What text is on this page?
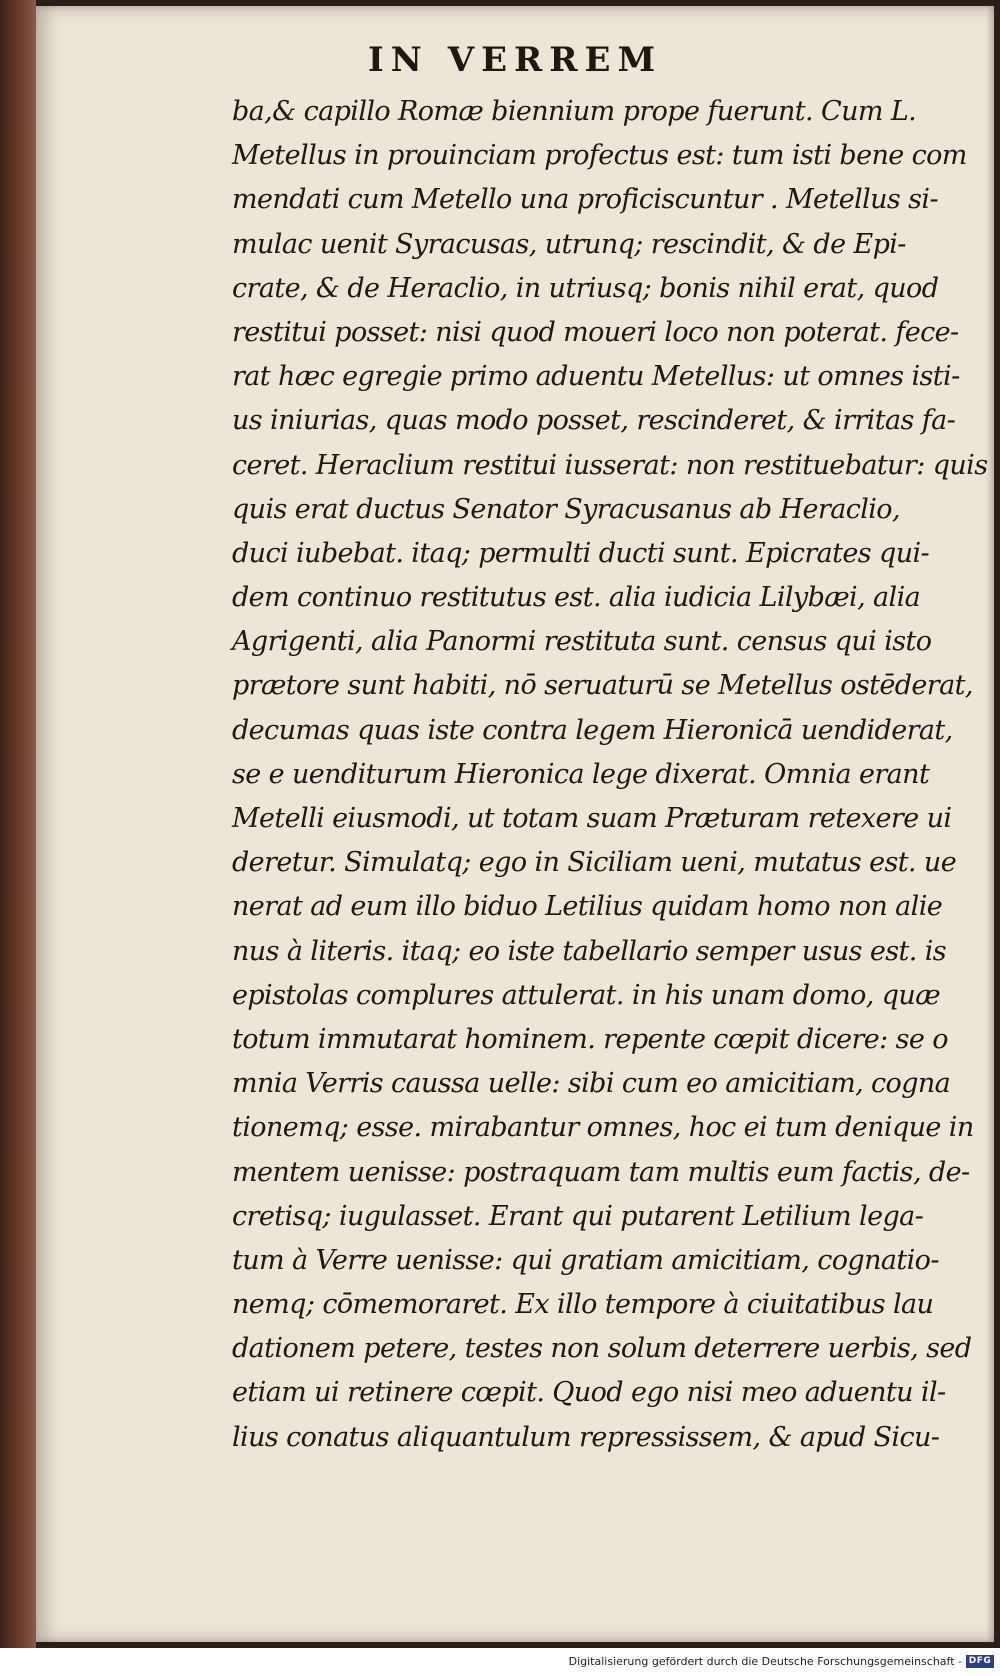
IN VERREM
ba,& capillo Romæ biennium prope fuerunt. Cum L.
Metellus in prouinciam profectus est: tum isti bene com
mendati cum Metello una proficiscuntur . Metellus si-
mulac uenit Syracusas, utrunq; rescindit, & de Epi-
crate, & de Heraclio, in utriusq; bonis nihil erat, quod
restitui posset: nisi quod moueri loco non poterat. fece-
rat hæc egregie primo aduentu Metellus: ut omnes isti-
us iniurias, quas modo posset, rescinderet, & irritas fa-
ceret. Heraclium restitui iusserat: non restituebatur: quis
quis erat ductus Senator Syracusanus ab Heraclio,
duci iubebat. itaq; permulti ducti sunt. Epicrates qui-
dem continuo restitutus est. alia iudicia Lilybæi, alia
Agrigenti, alia Panormi restituta sunt. census qui isto
prætore sunt habiti, nō seruaturū se Metellus ostēderat,
decumas quas iste contra legem Hieronicā uendiderat,
se e uenditurum Hieronica lege dixerat. Omnia erant
Metelli eiusmodi, ut totam suam Præturam retexere ui
deretur. Simulatq; ego in Siciliam ueni, mutatus est. ue
nerat ad eum illo biduo Letilius quidam homo non alie
nus à literis. itaq; eo iste tabellario semper usus est. is
epistolas complures attulerat. in his unam domo, quæ
totum immutarat hominem. repente cœpit dicere: se o
mnia Verris caussa uelle: sibi cum eo amicitiam, cogna
tionemq; esse. mirabantur omnes, hoc ei tum denique in
mentem uenisse: postraquam tam multis eum factis, de-
cretisq; iugulasset. Erant qui putarent Letilium lega-
tum à Verre uenisse: qui gratiam amicitiam, cognatio-
nemq; cōmemoraret. Ex illo tempore à ciuitatibus lau
dationem petere, testes non solum deterrere uerbis, sed
etiam ui retinere cœpit. Quod ego nisi meo aduentu il-
lius conatus aliquantulum repressissem, & apud Sicu-
Digitalisierung gefördert durch die Deutsche Forschungsgemeinschaft - DFG
